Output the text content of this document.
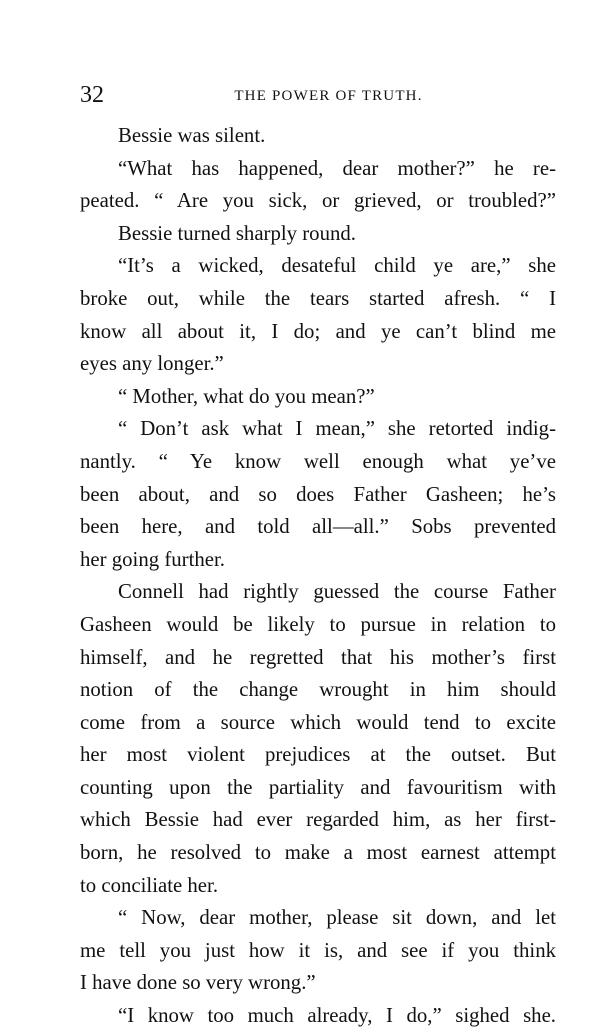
32	THE POWER OF TRUTH.
Bessie was silent.
“What has happened, dear mother?” he re-
peated. “ Are you sick, or grieved, or troubled?”
Bessie turned sharply round.
“It’s a wicked, desateful child ye are,” she
broke out, while the tears started afresh. “ I
know all about it, I do; and ye can’t blind me
eyes any longer.”
“ Mother, what do you mean?”
“ Don’t ask what I mean,” she retorted indig-
nantly. “ Ye know well enough what ye’ve
been about, and so does Father Gasheen; he’s
been here, and told all—all.” Sobs prevented
her going further.
Connell had rightly guessed the course Father
Gasheen would be likely to pursue in relation to
himself, and he regretted that his mother’s first
notion of the change wrought in him should
come from a source which would tend to excite
her most violent prejudices at the outset. But
counting upon the partiality and favouritism with
which Bessie had ever regarded him, as her first-
born, he resolved to make a most earnest attempt
to conciliate her.
“ Now, dear mother, please sit down, and let
me tell you just how it is, and see if you think
I have done so very wrong.”
“I know too much already, I do,” sighed she.
